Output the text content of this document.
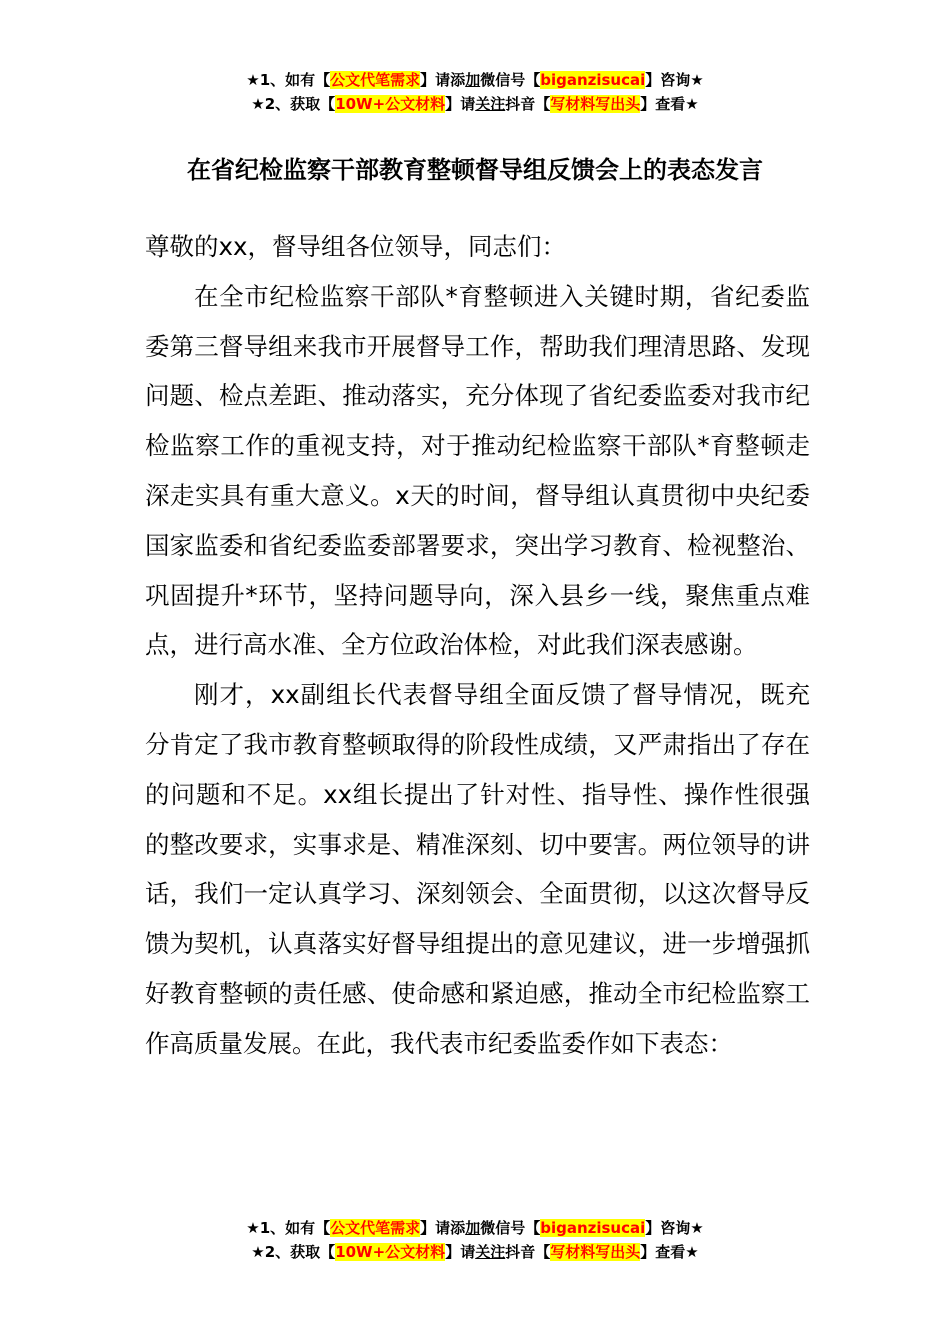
★1、如有【公文代笔需求】请添加微信号【biganzisucai】咨询★
★2、获取【10W+公文材料】请关注抖音【写材料写出头】查看★
在省纪检监察干部教育整顿督导组反馈会上的表态发言

尊敬的xx，督导组各位领导，同志们：

在全市纪检监察干部队*育整顿进入关键时期，省纪委监委第三督导组来我市开展督导工作，帮助我们理清思路、发现问题、检点差距、推动落实，充分体现了省纪委监委对我市纪检监察工作的重视支持，对于推动纪检监察干部队*育整顿走深走实具有重大意义。x天的时间，督导组认真贯彻中央纪委国家监委和省纪委监委部署要求，突出学习教育、检视整治、巩固提升*环节，坚持问题导向，深入县乡一线，聚焦重点难点，进行高水准、全方位政治体检，对此我们深表感谢。

刚才，xx副组长代表督导组全面反馈了督导情况，既充分肯定了我市教育整顿取得的阶段性成绩，又严肃指出了存在的问题和不足。xx组长提出了针对性、指导性、操作性很强的整改要求，实事求是、精准深刻、切中要害。两位领导的讲话，我们一定认真学习、深刻领会、全面贯彻，以这次督导反馈为契机，认真落实好督导组提出的意见建议，进一步增强抓好教育整顿的责任感、使命感和紧迫感，推动全市纪检监察工作高质量发展。在此，我代表市纪委监委作如下表态：

★1、如有【公文代笔需求】请添加微信号【biganzisucai】咨询★
★2、获取【10W+公文材料】请关注抖音【写材料写出头】查看★
